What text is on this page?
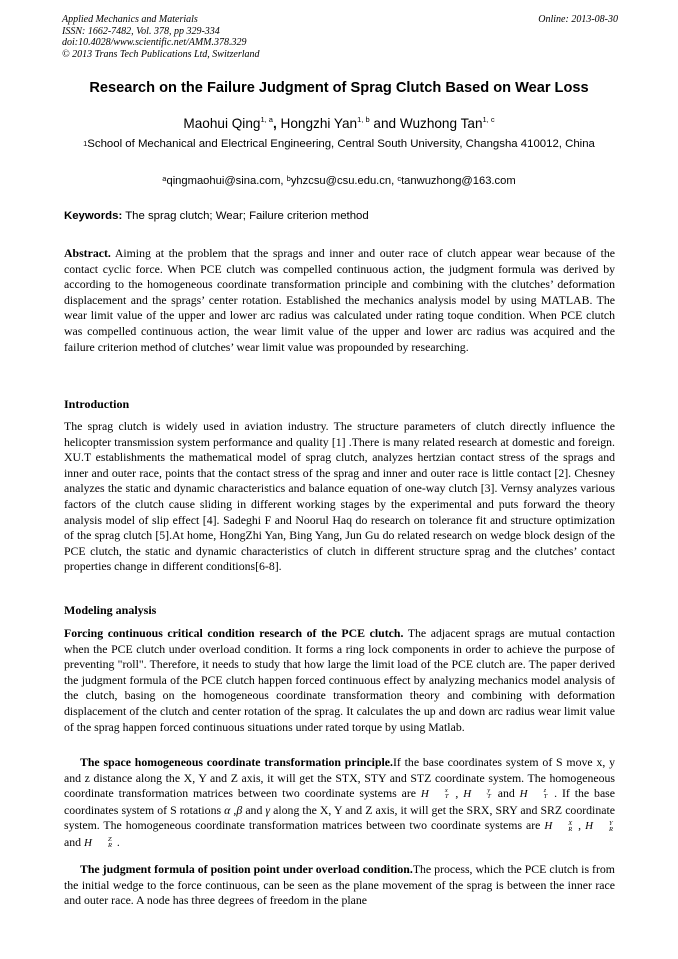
Applied Mechanics and Materials
ISSN: 1662-7482, Vol. 378, pp 329-334
doi:10.4028/www.scientific.net/AMM.378.329
© 2013 Trans Tech Publications Ltd, Switzerland
Online: 2013-08-30
Research on the Failure Judgment of Sprag Clutch Based on Wear Loss
Maohui Qing$^{1, a}$, Hongzhi Yan$^{1, b}$ and Wuzhong Tan$^{1, c}$
$^1$School of Mechanical and Electrical Engineering, Central South University, Changsha 410012, China
$^a$qingmaohui@sina.com, $^b$yhzcsu@csu.edu.cn, $^c$tanwuzhong@163.com
Keywords: The sprag clutch; Wear; Failure criterion method
Abstract. Aiming at the problem that the sprags and inner and outer race of clutch appear wear because of the contact cyclic force. When PCE clutch was compelled continuous action, the judgment formula was derived by according to the homogeneous coordinate transformation principle and combining with the clutches’ deformation displacement and the sprags’ center rotation. Established the mechanics analysis model by using MATLAB. The wear limit value of the upper and lower arc radius was calculated under rating toque condition. When PCE clutch was compelled continuous action, the wear limit value of the upper and lower arc radius was acquired and the failure criterion method of clutches’ wear limit value was propounded by researching.
Introduction
The sprag clutch is widely used in aviation industry. The structure parameters of clutch directly influence the helicopter transmission system performance and quality [1] .There is many related research at domestic and foreign. XU.T establishments the mathematical model of sprag clutch, analyzes hertzian contact stress of the sprags and inner and outer race, points that the contact stress of the sprag and inner and outer race is little contact [2]. Chesney analyzes the static and dynamic characteristics and balance equation of one-way clutch [3]. Vernsy analyzes various factors of the clutch cause sliding in different working stages by the experimental and puts forward the theory analysis model of slip effect [4]. Sadeghi F and Noorul Haq do research on tolerance fit and structure optimization of the sprag clutch [5].At home, HongZhi Yan, Bing Yang, Jun Gu do related research on wedge block design of the PCE clutch, the static and dynamic characteristics of clutch in different structure sprag and the clutches’ contact properties change in different conditions[6-8].
Modeling analysis
Forcing continuous critical condition research of the PCE clutch. The adjacent sprags are mutual contaction when the PCE clutch under overload condition. It forms a ring lock components in order to achieve the purpose of preventing "roll". Therefore, it needs to study that how large the limit load of the PCE clutch are. The paper derived the judgment formula of the PCE clutch happen forced continuous effect by analyzing mechanics model analysis of the clutch, basing on the homogeneous coordinate transformation theory and combining with deformation displacement of the clutch and center rotation of the sprag. It calculates the up and down arc radius wear limit value of the sprag happen forced continuous situations under rated torque by using Matlab.
The space homogeneous coordinate transformation principle.If the base coordinates system of S move x, y and z distance along the X, Y and Z axis, it will get the STX, STY and STZ coordinate system. The homogeneous coordinate transformation matrices between two coordinate systems are H	x
T , H	y
T and H	z
T . If the base coordinates system of S rotations α ,β and γ along the X, Y and Z axis, it will get the SRX, SRY and SRZ coordinate system. The homogeneous coordinate transformation matrices between two coordinate systems are H	X
R , H	Y
R
and H	Z
R .
The judgment formula of position point under overload condition.The process, which the PCE clutch is from the initial wedge to the force continuous, can be seen as the plane movement of the sprag is between the inner race and outer race. A node has three degrees of freedom in the plane
